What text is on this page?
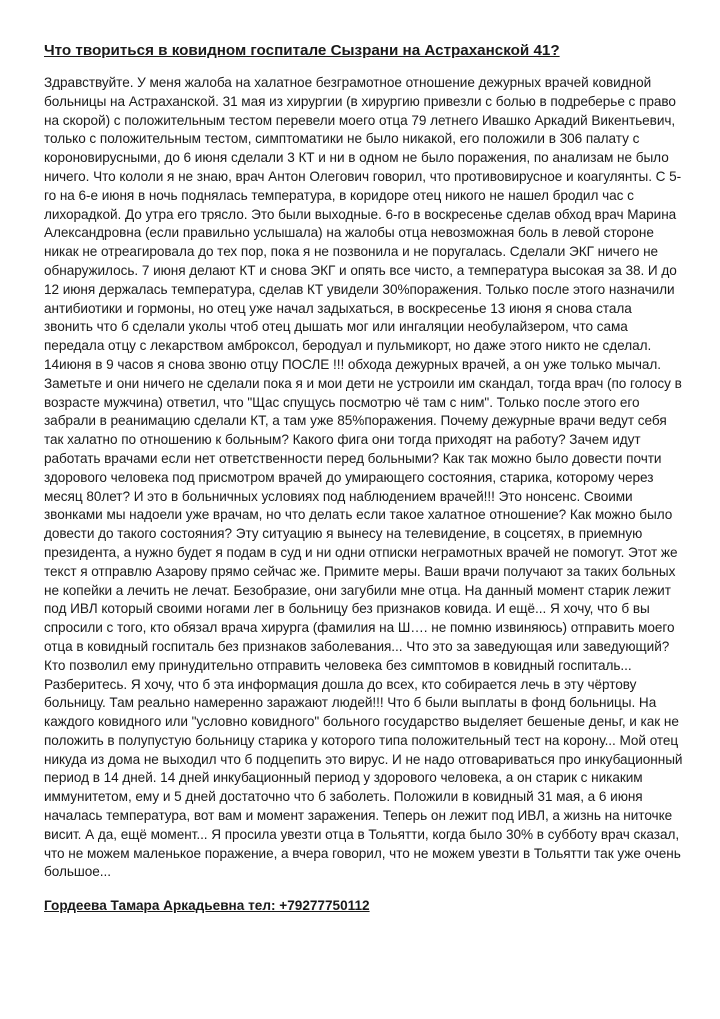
Что твориться в ковидном госпитале Сызрани на Астраханской 41?

Здравствуйте. У меня жалоба на халатное безграмотное отношение дежурных врачей ковидной больницы на Астраханской. 31 мая из хирургии (в хирургию привезли с болью в подреберье с право на скорой) с положительным тестом перевели моего отца 79 летнего Ивашко Аркадий Викентьевич, только с положительным тестом, симптоматики не было никакой, его положили в 306 палату с короновирусными, до 6 июня сделали 3 КТ и ни в одном не было поражения, по анализам не было ничего. Что кололи я не знаю, врач Антон Олегович говорил, что противовирусное и коагулянты. С 5-го на 6-е июня в ночь поднялась температура, в коридоре отец никого не нашел бродил час с лихорадкой. До утра его трясло. Это были выходные. 6-го в воскресенье сделав обход врач Марина Александровна (если правильно услышала) на жалобы отца невозможная боль в левой стороне никак не отреагировала до тех пор, пока я не позвонила и не поругалась. Сделали ЭКГ ничего не обнаружилось. 7 июня делают КТ и снова ЭКГ и опять все чисто, а температура высокая за 38. И до 12 июня держалась температура, сделав КТ увидели 30%поражения. Только после этого назначили антибиотики и гормоны, но отец уже начал задыхаться, в воскресенье 13 июня я снова стала звонить что б сделали уколы чтоб отец дышать мог или ингаляции необулайзером, что сама передала отцу с лекарством амброксол, беродуал и пульмикорт, но даже этого никто не сделал. 14июня в 9 часов я снова звоню отцу ПОСЛЕ !!! обхода дежурных врачей, а он уже только мычал. Заметьте и они ничего не сделали пока я и мои дети не устроили им скандал, тогда врач (по голосу в возрасте мужчина) ответил, что "Щас спущусь посмотрю чё там с ним". Только после этого его забрали в реанимацию сделали КТ, а там уже 85%поражения. Почему дежурные врачи ведут себя так халатно по отношению к больным? Какого фига они тогда приходят на работу? Зачем идут работать врачами если нет ответственности перед больными? Как так можно было довести почти здорового человека под присмотром врачей до умирающего состояния, старика, которому через месяц 80лет? И это в больничных условиях под наблюдением врачей!!! Это нонсенс. Своими звонками мы надоели уже врачам, но что делать если такое халатное отношение? Как можно было довести до такого состояния? Эту ситуацию я вынесу на телевидение, в соцсетях, в приемную президента, а нужно будет я подам в суд и ни одни отписки неграмотных врачей не помогут. Этот же текст я отправлю Азарову прямо сейчас же. Примите меры. Ваши врачи получают за таких больных не копейки а лечить не лечат. Безобразие, они загубили мне отца. На данный момент старик лежит под ИВЛ который своими ногами лег в больницу без признаков ковида. И ещё... Я хочу, что б вы спросили с того, кто обязал врача хирурга (фамилия на Ш…. не помню извиняюсь) отправить моего отца в ковидный госпиталь без признаков заболевания... Что это за заведующая или заведующий? Кто позволил ему принудительно отправить человека без симптомов в ковидный госпиталь... Разберитесь. Я хочу, что б эта информация дошла до всех, кто собирается лечь в эту чёртову больницу. Там реально намеренно заражают людей!!! Что б были выплаты в фонд больницы. На каждого ковидного или "условно ковидного" больного государство выделяет бешеные деньг, и как не положить в полупустую больницу старика у которого типа положительный тест на корону... Мой отец никуда из дома не выходил что б подцепить это вирус. И не надо отговариваться про инкубационный период в 14 дней. 14 дней инкубационный период у здорового человека, а он старик с никаким иммунитетом, ему и 5 дней достаточно что б заболеть. Положили в ковидный 31 мая, а 6 июня началась температура, вот вам и момент заражения. Теперь он лежит под ИВЛ, а жизнь на ниточке висит. А да, ещё момент... Я просила увезти отца в Тольятти, когда было 30% в субботу врач сказал, что не можем маленькое поражение, а вчера говорил, что не можем увезти в Тольятти так уже очень большое...

Гордеева Тамара Аркадьевна тел: +79277750112
